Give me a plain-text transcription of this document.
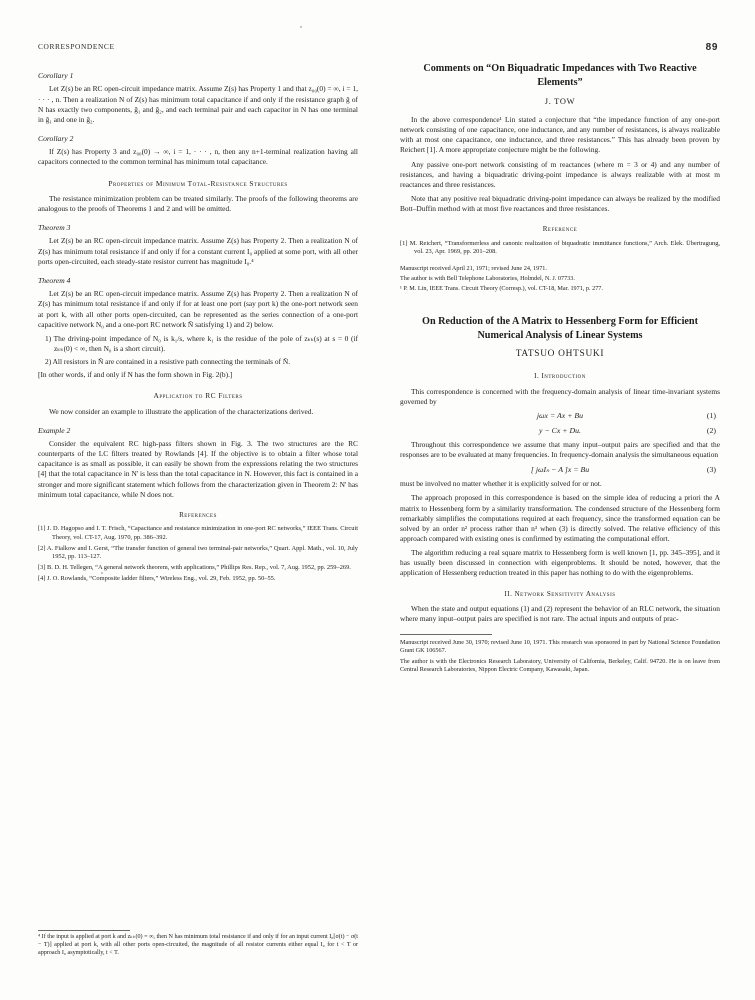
CORRESPONDENCE	89
Corollary 1

Let Z(s) be an RC open-circuit impedance matrix. Assume Z(s) has Property 1 and that z₀₀(0) = ∞, i = 1, · · · , n. Then a realization N of Z(s) has minimum total capacitance if and only if the resistance graph ĝ of N has exactly two components, ĝ₁ and ĝ₂, and each terminal pair and each capacitor in N has one terminal in ĝ₁ and one in ĝ₂.

Corollary 2

If Z(s) has Property 3 and z₀₀(0) → ∞, i = 1, · · · , n, then any n+1-terminal realization having all capacitors connected to the common terminal has minimum total capacitance.

Properties of Minimum Total-Resistance Structures

The resistance minimization problem can be treated similarly. The proofs of the following theorems are analogous to the proofs of Theorems 1 and 2 and will be omitted.

Theorem 3

Let Z(s) be an RC open-circuit impedance matrix. Assume Z(s) has Property 2. Then a realization N of Z(s) has minimum total resistance if and only if for a constant current I₀ applied at some port, with all other ports open-circuited, each steady-state resistor current has magnitude I₀.⁴

Theorem 4

Let Z(s) be an RC open-circuit impedance matrix. Assume Z(s) has Property 2. Then a realization N of Z(s) has minimum total resistance if and only if for at least one port (say port k) the one-port network seen at port k, with all other ports open-circuited, can be represented as the series connection of a one-port capacitive network N₀ and a one-port RC network Ñ satisfying 1) and 2) below.

1) The driving-point impedance of N₀ is k₁/s, where k₁ is the residue of the pole of zₖₖ(s) at s = 0 (if zₖₖ(0) < ∞, then N₀ is a short circuit).
2) All resistors in Ñ are contained in a resistive path connecting the terminals of Ñ.

[In other words, if and only if N has the form shown in Fig. 2(b).]

Application to RC Filters

We now consider an example to illustrate the application of the characterizations derived.

Example 2

Consider the equivalent RC high-pass filters shown in Fig. 3. The two structures are the RC counterparts of the LC filters treated by Rowlands [4]. If the objective is to obtain a filter whose total capacitance is as small as possible, it can easily be shown from the expressions relating the two structures [4] that the total capacitance in N' is less than the total capacitance in N. However, this fact is contained in a stronger and more significant statement which follows from the characterization given in Theorem 2: N' has minimum total capacitance, while N does not.

References
[1] J. D. Hagopso and I. T. Frisch, “Capacitance and resistance minimization in one-port RC networks,” IEEE Trans. Circuit Theory, vol. CT-17, Aug. 1970, pp. 386–392.
[2] A. Fialkow and I. Gerst, “The transfer function of general two terminal-pair networks,” Quart. Appl. Math., vol. 10, July 1952, pp. 113–127.
[3] B. D. H. Tellegen, “A general network theorem, with applications,” Phillips Res. Rep., vol. 7, Aug. 1952, pp. 259–269.
[4] J. O. Rowlands, “Composite ladder filters,” Wireless Eng., vol. 29, Feb. 1952, pp. 50–55.
Comments on “On Biquadratic Impedances with Two Reactive Elements”
J. TOW

In the above correspondence¹ Lin stated a conjecture that “the impedance function of any one-port network consisting of one capacitance, one inductance, and any number of resistances, is always realizable with at most one capacitance, one inductance, and three resistances.” This has already been proven by Reichert [1]. A more appropriate conjecture might be the following.

Any passive one-port network consisting of m reactances (where m = 3 or 4) and any number of resistances, and having a biquadratic driving-point impedance is always realizable with at most m reactances and three resistances.

Note that any positive real biquadratic driving-point impedance can always be realized by the modified Bott–Duffin method with at most five reactances and three resistances.

Reference
[1] M. Reichert, “Transformerless and canonic realization of biquadratic immittance functions,” Arch. Elek. Übertragung, vol. 23, Apr. 1969, pp. 201–208.
Manuscript received April 21, 1971; revised June 24, 1971.
The author is with Bell Telephone Laboratories, Holmdel, N. J. 07733.
¹ P. M. Lin, IEEE Trans. Circuit Theory (Corresp.), vol. CT-18, Mar. 1971, p. 277.
On Reduction of the A Matrix to Hessenberg Form for Efficient Numerical Analysis of Linear Systems
TATSUO OHTSUKI
I. Introduction

This correspondence is concerned with the frequency-domain analysis of linear time-invariant systems governed by

jωx = Ax + Bu	(1)
y − Cx + Du.	(2)

Throughout this correspondence we assume that many input–output pairs are specified and that the responses are to be evaluated at many frequencies. In frequency-domain analysis the simultaneous equation

[ jωIₙ − A ]x = Bu	(3)

must be involved no matter whether it is explicitly solved for or not.

The approach proposed in this correspondence is based on the simple idea of reducing a priori the A matrix to Hessenberg form by a similarity transformation. The condensed structure of the Hessenberg form remarkably simplifies the computations required at each frequency, since the transformed equation can be solved by an order n² process rather than n³ when (3) is directly solved. The relative efficiency of this approach compared with existing ones is confirmed by estimating the computational effort.

The algorithm reducing a real square matrix to Hessenberg form is well known [1, pp. 345–395], and it has usually been discussed in connection with eigenproblems. It should be noted, however, that the application of Hessenberg reduction treated in this paper has nothing to do with the eigenproblems.

II. Network Sensitivity Analysis

When the state and output equations (1) and (2) represent the behavior of an RLC network, the situation where many input–output pairs are specified is not rare. The actual inputs and outputs of prac-

Manuscript received June 30, 1970; revised June 10, 1971. This research was sponsored in part by National Science Foundation Grant GK 106567.
The author is with the Electronics Research Laboratory, University of California, Berkeley, Calif. 94720. He is on leave from Central Research Laboratories, Nippon Electric Company, Kawasaki, Japan.
⁴ If the input is applied at port k and zₖₖ(0) = ∞, then N has minimum total resistance if and only if for an input current I₀[σ(t) − σ(t − T)] applied at port k, with all other ports open-circuited, the magnitude of all resistor currents either equal I₀ for t < T or approach I₀ asymptotically, t < T.
